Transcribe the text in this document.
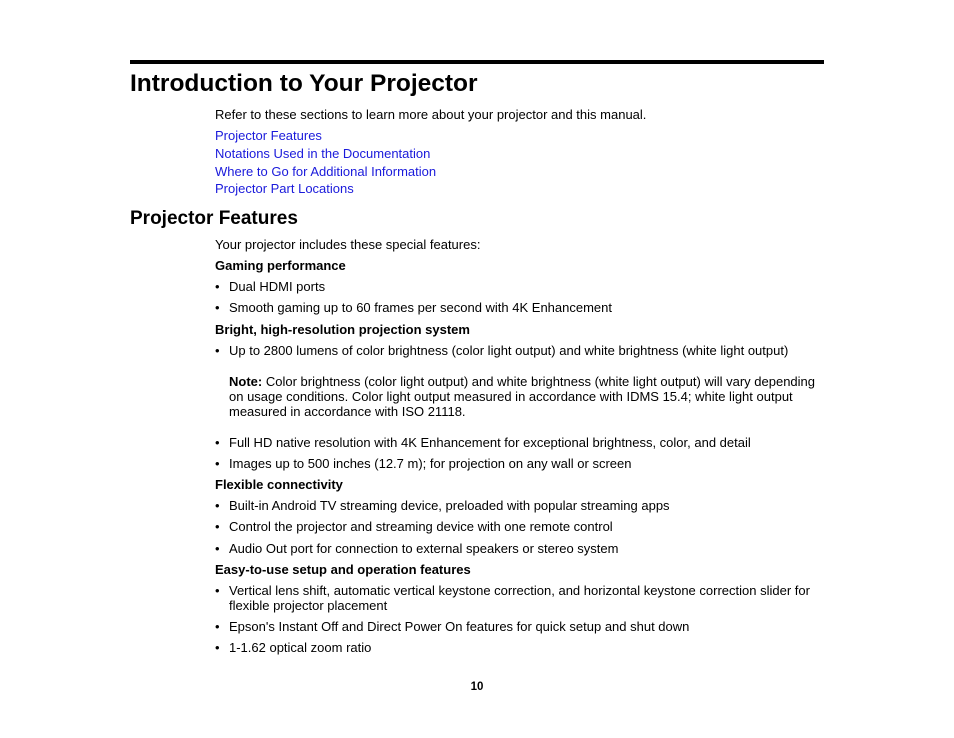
Introduction to Your Projector
Refer to these sections to learn more about your projector and this manual.
Projector Features
Notations Used in the Documentation
Where to Go for Additional Information
Projector Part Locations
Projector Features
Your projector includes these special features:
Gaming performance
• Dual HDMI ports
• Smooth gaming up to 60 frames per second with 4K Enhancement
Bright, high-resolution projection system
• Up to 2800 lumens of color brightness (color light output) and white brightness (white light output)
Note: Color brightness (color light output) and white brightness (white light output) will vary depending on usage conditions. Color light output measured in accordance with IDMS 15.4; white light output measured in accordance with ISO 21118.
• Full HD native resolution with 4K Enhancement for exceptional brightness, color, and detail
• Images up to 500 inches (12.7 m); for projection on any wall or screen
Flexible connectivity
• Built-in Android TV streaming device, preloaded with popular streaming apps
• Control the projector and streaming device with one remote control
• Audio Out port for connection to external speakers or stereo system
Easy-to-use setup and operation features
• Vertical lens shift, automatic vertical keystone correction, and horizontal keystone correction slider for flexible projector placement
• Epson's Instant Off and Direct Power On features for quick setup and shut down
• 1-1.62 optical zoom ratio
10
